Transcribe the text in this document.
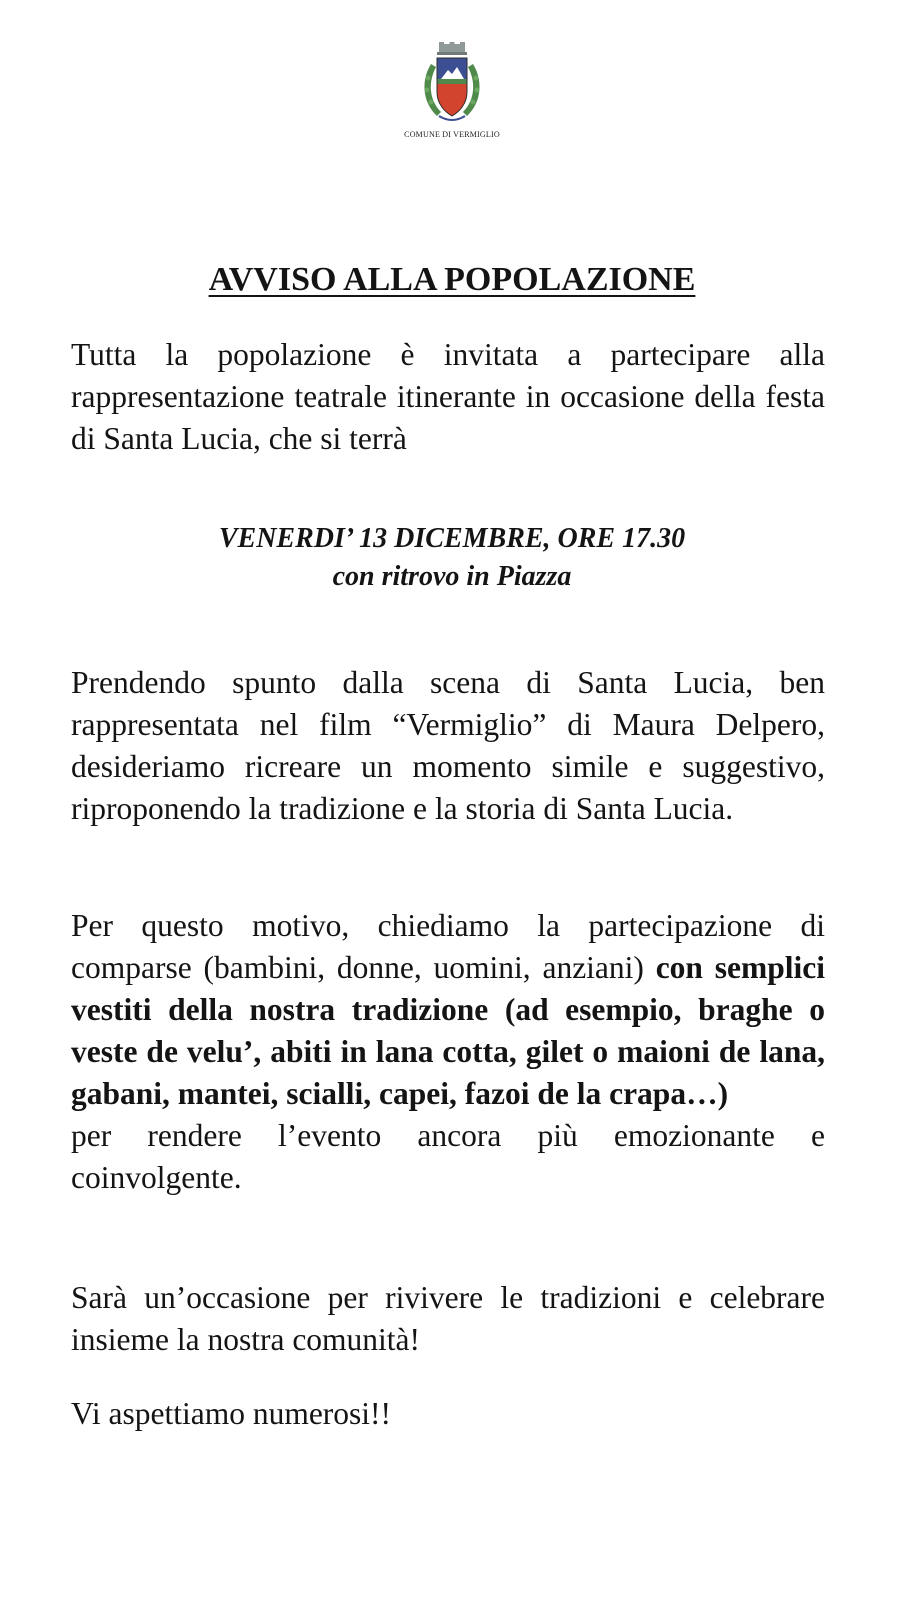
COMUNE DI VERMIGLIO
AVVISO ALLA POPOLAZIONE

Tutta la popolazione è invitata a partecipare alla rappresentazione teatrale itinerante in occasione della festa di Santa Lucia, che si terrà

VENERDI’ 13 DICEMBRE, ORE 17.30
con ritrovo in Piazza

Prendendo spunto dalla scena di Santa Lucia, ben rappresentata nel film “Vermiglio” di Maura Delpero, desideriamo ricreare un momento simile e suggestivo, riproponendo la tradizione e la storia di Santa Lucia.

Per questo motivo, chiediamo la partecipazione di comparse (bambini, donne, uomini, anziani) con semplici vestiti della nostra tradizione (ad esempio, braghe o veste de velu’, abiti in lana cotta, gilet o maioni de lana, gabani, mantei, scialli, capei, fazoi de la crapa…)
per rendere l’evento ancora più emozionante e coinvolgente.

Sarà un’occasione per rivivere le tradizioni e celebrare insieme la nostra comunità!

Vi aspettiamo numerosi!!
